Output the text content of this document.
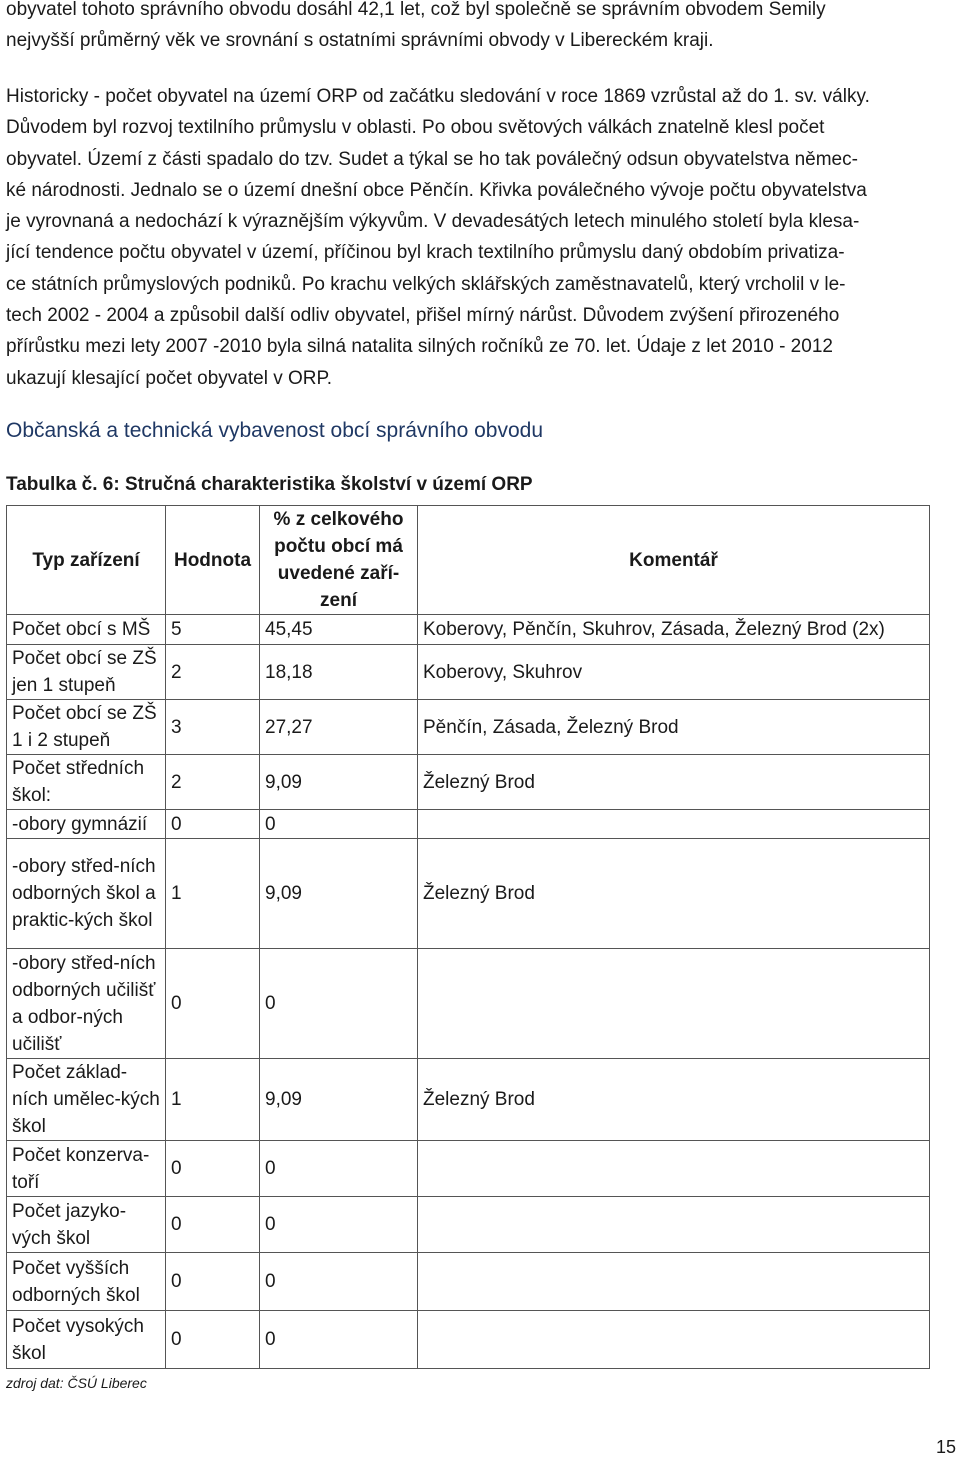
obyvatel tohoto správního obvodu dosáhl 42,1 let, což byl společně se správním obvodem Semily
nejvyšší průměrný věk ve srovnání s ostatními správními obvody v Libereckém kraji.
Historicky - počet obyvatel na území ORP od začátku sledování v roce 1869 vzrůstal až do 1. sv. války.
Důvodem byl rozvoj textilního průmyslu v oblasti. Po obou světových válkách znatelně klesl počet
obyvatel. Území z části spadalo do tzv. Sudet a týkal se ho tak poválečný odsun obyvatelstva němec-
ké národnosti. Jednalo se o území dnešní obce Pěnčín. Křivka poválečného vývoje počtu obyvatelstva
je vyrovnaná a nedochází k výraznějším výkyvům. V devadesátých letech minulého století byla klesa-
jící tendence počtu obyvatel v území, příčinou byl krach textilního průmyslu daný obdobím privatiza-
ce státních průmyslových podniků. Po krachu velkých sklářských zaměstnavatelů, který vrcholil v le-
tech 2002 - 2004 a způsobil další odliv obyvatel, přišel mírný nárůst. Důvodem zvýšení přirozeného
přírůstku mezi lety 2007 -2010 byla silná natalita silných ročníků ze 70. let. Údaje z let 2010 - 2012
ukazují klesající počet obyvatel v ORP.
Občanská a technická vybavenost obcí správního obvodu
Tabulka č. 6: Stručná charakteristika školství v území ORP
Typ zařízení	Hodnota	% z celkového počtu obcí má uvedené zaří-zení	Komentář
Počet obcí s MŠ	5	45,45	Koberovy, Pěnčín, Skuhrov, Zásada, Železný Brod (2x)
Počet obcí se ZŠ jen 1 stupeň	2	18,18	Koberovy, Skuhrov
Počet obcí se ZŠ 1 i 2 stupeň	3	27,27	Pěnčín, Zásada, Železný Brod
Počet středních škol:	2	9,09	Železný Brod
-obory gymnázií	0	0	
-obory střed-ních odborných škol a praktic-kých škol	1	9,09	Železný Brod
-obory střed-ních odborných učilišť a odbor-ných učilišť	0	0	
Počet základ-ních umělec-kých škol	1	9,09	Železný Brod
Počet konzerva-toří	0	0	
Počet jazyko-vých škol	0	0	
Počet vyšších odborných škol	0	0	
Počet vysokých škol	0	0	
zdroj dat: ČSÚ Liberec
15
